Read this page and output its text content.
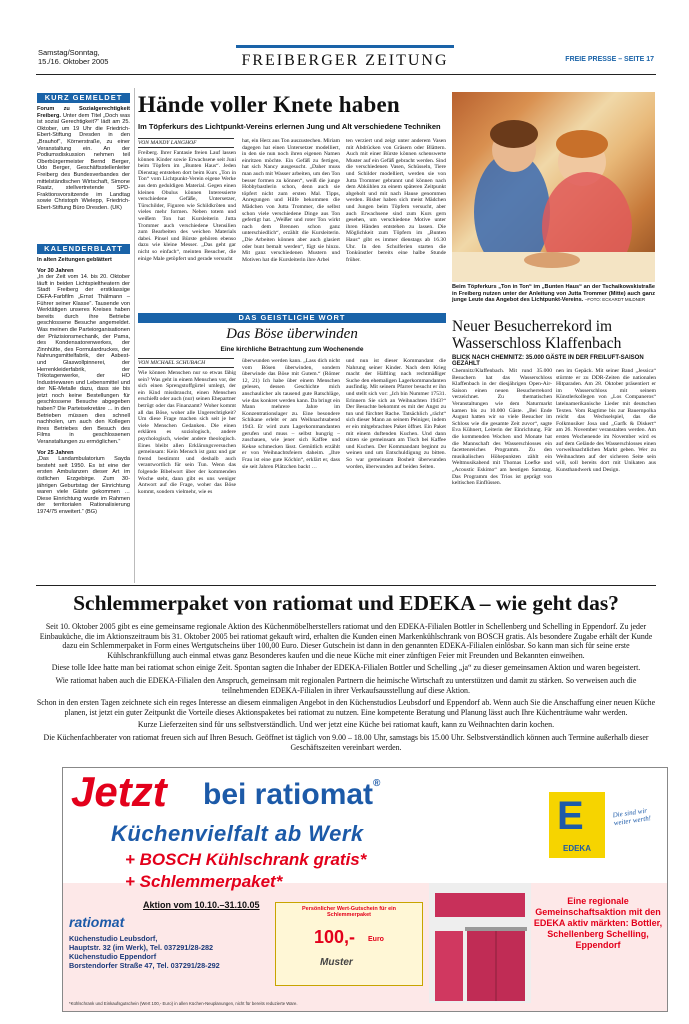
Samstag/Sonntag,
15./16. Oktober 2005	FREIBERGER ZEITUNG	FREIE PRESSE – SEITE 17
KURZ GEMELDET
Forum zu Sozialgerechtigkeit Freiberg. Unter dem Titel „Doch was ist sozial Gerechtigkeit?“ lädt am 25. Oktober, um 19 Uhr die Friedrich-Ebert-Stiftung Dresden in den „Brauhof“, Körnerstraße, zu einer Veranstaltung ein. An der Podiumsdiskussion nehmen teil Oberbürgermeister Bernd Berger, Udo Berger, Geschäftsstellenleiter Freiberg des Bundesverbandes der mittelständischen Wirtschaft, Simone Raatz, stellvertretende SPD-Fraktionsvorsitzende im Landtag sowie Christoph Wielepp, Friedrich-Ebert-Stiftung Büro Dresden. (UK)
KALENDERBLATT
In alten Zeitungen geblättert
Vor 30 Jahren
„In der Zeit vom 14. bis 20. Oktober läuft in beiden Lichtspieltheatern der Stadt Freiberg der erstklassige DEFA-Farbfilm „Ernst Thälmann – Führer seiner Klasse“. Tausende von Werktätigen unseres Kreises haben bereits durch ihre Betriebe geschlossene Besuche angemeldet. Was meinen die Parteiorganisationen der Präzisionsmechanik, der Pama, des Kondensatorenwerkes, der Zinnhütte, des Formulardruckes, der Nahrungsmittelfabrik, der Asbest- und Glaswollpinnerei, der Herrenkleiderfabrik, der Trikotagenwerke, der HO Industriewaren und Lebensmittel und der NE-Metalle dazu, dass sie bis jetzt noch keine Bestellungen für geschlossene Besuche abgegeben haben? Die Parteisekretäre … in den Betrieben müssen dies schnell nachholen, um auch den Kollegen ihres Betriebes den Besuch des Films in geschlossenen Veranstaltungen zu ermöglichen.“
Vor 25 Jahren
„Das Landambulatorium Sayda besteht seit 1950. Es ist eine der ersten Ambulanzen dieser Art im östlichen Erzgebirge. Zum 30-jährigen Geburtstag der Einrichtung waren viele Gäste gekommen … Diese Einrichtung wurde im Rahmen der territorialen Rationalisierung 1974/75 erweitert.“ (BG)
Hände voller Knete haben
Im Töpferkurs des Lichtpunkt-Vereins erlernen Jung und Alt verschiedene Techniken
VON MANDY LANGHOF
Freiberg. Ihrer Fantasie freien Lauf lassen können Kinder sowie Erwachsene seit Juni beim Töpfern im „Bunten Haus“. Jeden Dienstag entstehen dort beim Kurs „Ton in Ton“ vom Lichtpunkt-Verein eigene Werke aus dem geduldigen Material. Gegen einen kleinen Obulus können Interessierte verschiedene Gefäße, Untersetzer, Türschilder, Figuren wie Schildkröten und vieles mehr formen. Neben totem und weißem Ton hat Kursleiterin Jutta Trommer auch verschiedene Utensilien zum Bearbeiten des weichen Materials dabei. Pinsel und Bürste gehören ebenso dazu wie kleine Messer. „Das geht gar nicht so einfach“, meinten Besucher, die einige Male getöpfert und gerade versucht
hat, ein Herz aus Ton auszustechen. Miriam dagegen hat einen Untersetzer modelliert, in den sie nun noch ihren eigenen Namen einritzen möchte. Ein Gefäß zu fertigen, hat sich Nancy ausgesucht. „Daher muss man auch mit Wasser arbeiten, um den Ton besser formen zu können“, weiß die junge Hobbybastlerin schon, denn auch sie töpfert nicht zum ersten Mal. Tipps, Anregungen und Hilfe bekommen die Mädchen von Jutta Trommer, die selbst schon viele verschiedene Dinge aus Ton gefertigt hat. „Weißer und roter Ton wirkt nach dem Brennen schon ganz unterschiedlich“, erzählt die Kursleiterin. „Die Arbeiten können aber auch glasiert oder bunt bemalt werden“, fügt sie hinzu. Mit ganz verschiedenen Mustern und Motiven hat die Kursleiterin ihre Arbei
ten verziert und zeigt unter anderem Vasen mit Abdrücken von Gräsern oder Blättern. Auch mit einer Bürste können schenswerte Muster auf ein Gefäß gebracht werden. Sind die verschiedenen Vasen, Schüsseln, Tiere und Schilder modelliert, werden sie von Jutta Trommer gebrannt und können nach dem Abkühlen zu einem späteren Zeitpunkt abgeholt und mit nach Hause genommen werden. Bisher haben sich meist Mädchen und Jungen beim Töpfern versucht, aber auch Erwachsene sind zum Kurs gern gesehen, um verschiedene Motive unter ihren Händen entstehen zu lassen. Die Möglichkeit zum Töpfern im „Bunten Haus“ gibt es immer dienstags ab 16.30 Uhr. In den Schulferien starten die Tonkünstler bereits eine halbe Stunde früher.
Beim Töpferkurs „Ton in Ton“ im „Bunten Haus“ an der Tschaikowskistraße in Freiberg nutzen unter der Anleitung von Jutta Trommer (Mitte) auch ganz junge Leute das Angebot des Lichtpunkt-Vereins. –FOTO: ECKARDT MILDNER
DAS GEISTLICHE WORT
Das Böse überwinden
Eine kirchliche Betrachtung zum Wochenende
VON MICHAEL SCHUBACH
Wie können Menschen nur so etwas fähig sein? Was geht in einem Menschen vor, der sich einen Sprengstoffgürtel umlegt, der ein Kind missbraucht, einen Menschen erschießt oder auch (nur) seinen Ehepartner betrügt oder das Finanzamt? Woher kommt all das Böse, woher alle Ungerechtigkeit? Um diese Frage machen sich seit je her viele Menschen Gedanken. Die einen erklären es soziologisch, andere psychologisch, wieder andere theologisch. Eines bleibt allen Erklärungsversuchen gemeinsam: Kein Mensch ist ganz und gar fremd bestimmt und deshalb auch verantwortlich für sein Tun. Wenn das folgende Bibelwort über der kommenden Woche steht, dann gibt es uns weniger Antwort auf die Frage, woher das Böse kommt, sondern vielmehr, wie es
überwunden werden kann. „Lass dich nicht vom Bösen überwinden, sondern überwinde das Böse mit Gutem.“ (Römer 12, 21) Ich habe über einem Menschen gelesen, dessen Geschichte mich anschaulicher als tausend gute Ratschläge, wie das konkret werden kann. Da bringt ein Mann mehrere Jahre im Konzentrationslager zu. Eine besondere Schikane erlebt er am Weihnachtsabend 1943. Er wird zum Lagerkommandanten gerufen und muss – selbst hungrig – zuschauen, wie jener sich Kaffee und Kekse schmecken lässt. Gemütlich erzählt er von Weihnachtsfeiern daheim. „Ihre Frau ist eine gute Köchin“, erklärt er, dass sie seit Jahren Plätzchen backt …
und nun ist dieser Kommandant die Nahrung seiner Kinder. Nach dem Krieg macht der Häftling nach rechtmäßiger Suche den ehemaligen Lagerkommandanten ausfindig. Mit seinem Pfarrer besucht er ihn und stellt sich vor: „Ich bin Nummer 17531. Erinnern Sie sich an Weihnachten 1943?“ Der Besuchte bekommt es mit der Angst zu tun und fürchtet Rache. Tatsächlich „rächt“ sich dieser Mann an seinem Peiniger, indem er ein mitgebrachtes Paket öffnet. Ein Paket mit einem duftenden Kuchen. Und dann sitzen sie gemeinsam am Tisch bei Kaffee und Kuchen. Der Kommandant beginnt zu weinen und um Entschuldigung zu bitten. So war gemeinsam Bosheit überwunden worden, überwunden auf beiden Seiten.
Neuer Besucherrekord im Wasserschloss Klaffenbach
BLICK NACH CHEMNITZ: 35.000 GÄSTE IN DER FREILUFT-SAISON GEZÄHLT
Chemnitz/Klaffenbach. Mit rund 35.000 Besuchern hat das Wasserschloss Klaffenbach in der diesjährigen Open-Air-Saison einen neuen Besucherrekord verzeichnet. Zu thematischen Veranstaltungen wie dem Naturmarkt kamen bis zu 10.000 Gäste. „Bei Ende August hatten wir so viele Besucher im Schloss wie die gesamte Zeit zuvor“, sagte Eva Kühnert, Leiterin der Einrichtung. Für die kommenden Wochen und Monate hat die Mannschaft des Wasserschlosses ein facettenreiches Programm. Zu den musikalischen Höhepunkten zählt ein Weltmusikabend mit Thomas Loefke und „Acoustic Eskimo“ am heutigen Samstag. Das Programm des Trios ist geprägt von keltischen Einflüssen.
nen im Gepäck. Mit seiner Band „Jessica“ stürmte er zu DDR-Zeiten die nationalen Hitparaden. Am 28. Oktober präsentiert er im Wasserschloss mit seinem Künstlerkollegen von „Los Companeros“ lateinamerikanische Lieder mit deutschen Texten. Vom Ragtime bis zur Bauernpolka reicht das Wechselspiel, das die Folkmusiker Josa und „Garfk & Diskert“ am 26. November veranstalten werden. Am ersten Wochenende im November wird es auf dem Gelände des Wasserschlosses einen vorweihnachtlichen Markt geben. Wer zu Weihnachten auf der sicheren Seite sein will, soll bereits dort mit Unikaten aus Kunsthandwerk und Design.
Schlemmerpaket von ratiomat und EDEKA – wie geht das?
Seit 10. Oktober 2005 gibt es eine gemeinsame regionale Aktion des Küchenmöbelherstellers ratiomat und den EDEKA-Filialen Bottler in Schellenberg und Schelling in Eppendorf. Zu jeder Einbauküche, die im Aktionszeitraum bis 31. Oktober 2005 bei ratiomat gekauft wird, erhalten die Kunden einen Markenkühlschrank von BOSCH gratis. Als besondere Zugabe erhält der Kunde dazu ein Schlemmerpaket in Form eines Wertgutscheins über 100,00 Euro. Dieser Gutschein ist dann in den genannten EDEKA-Filialen einlösbar. So kann man sich für seine erste Kühlschrankfüllung auch einmal etwas ganz Besonderes kaufen und die neue Küche mit einer zünftigen Feier mit Freunden und Bekannten einweihen.
Diese tolle Idee hatte man bei ratiomat schon einige Zeit. Spontan sagten die Inhaber der EDEKA-Filialen Bottler und Schelling „ja“ zu dieser gemeinsamen Aktion und waren begeistert.
Wie ratiomat haben auch die EDEKA-Filialen den Anspruch, gemeinsam mit regionalen Partnern die heimische Wirtschaft zu unterstützen und damit zu stärken. So verweisen auch die teilnehmenden EDEKA-Filialen in ihrer Verkaufsausstellung auf diese Aktion.
Schon in den ersten Tagen zeichnete sich ein reges Interesse an diesem einmaligen Angebot in den Küchenstudios Leubsdorf und Eppendorf ab. Wenn auch Sie die Anschaffung einer neuen Küche planen, ist jetzt ein guter Zeitpunkt die Vorteile dieses Aktionspaketes bei ratiomat zu nutzen. Eine kompetente Beratung und Planung lässt auch Ihre Küchenträume wahr werden.
Kurze Lieferzeiten sind für uns selbstverständlich. Und wer jetzt eine Küche bei ratiomat kauft, kann zu Weihnachten darin kochen.
Die Küchenfachberater von ratiomat freuen sich auf Ihren Besuch. Geöffnet ist täglich von 9.00 – 18.00 Uhr, samstags bis 15.00 Uhr. Selbstverständlich können auch Termine außerhalb dieser Geschäftszeiten vereinbart werden.
Jetzt bei ratiomat®
Küchenvielfalt ab Werk
+ BOSCH Kühlschrank gratis*
+ Schlemmerpaket*
Aktion vom 10.10.–31.10.05
ratiomat
Küchenstudio Leubsdorf,
Hauptstr. 32 (im Werk), Tel. 037291/28-282
Küchenstudio Eppendorf
Borstendorfer Straße 47, Tel. 037291/28-292
Persönlicher Wert-Gutschein für ein Schlemmerpaket
100,- Euro
Muster
E
EDEKA
Die sind wir weiter werth!
Eine regionale Gemeinschaftsaktion mit den EDEKA aktiv märkten: Bottler, Schellenberg Schelling, Eppendorf
*Kühlschrank und Einkaufsgutschein (Wert 100,- Euro) in allen Küchen-Neuplanungen, nicht für bereits reduzierte Ware.
